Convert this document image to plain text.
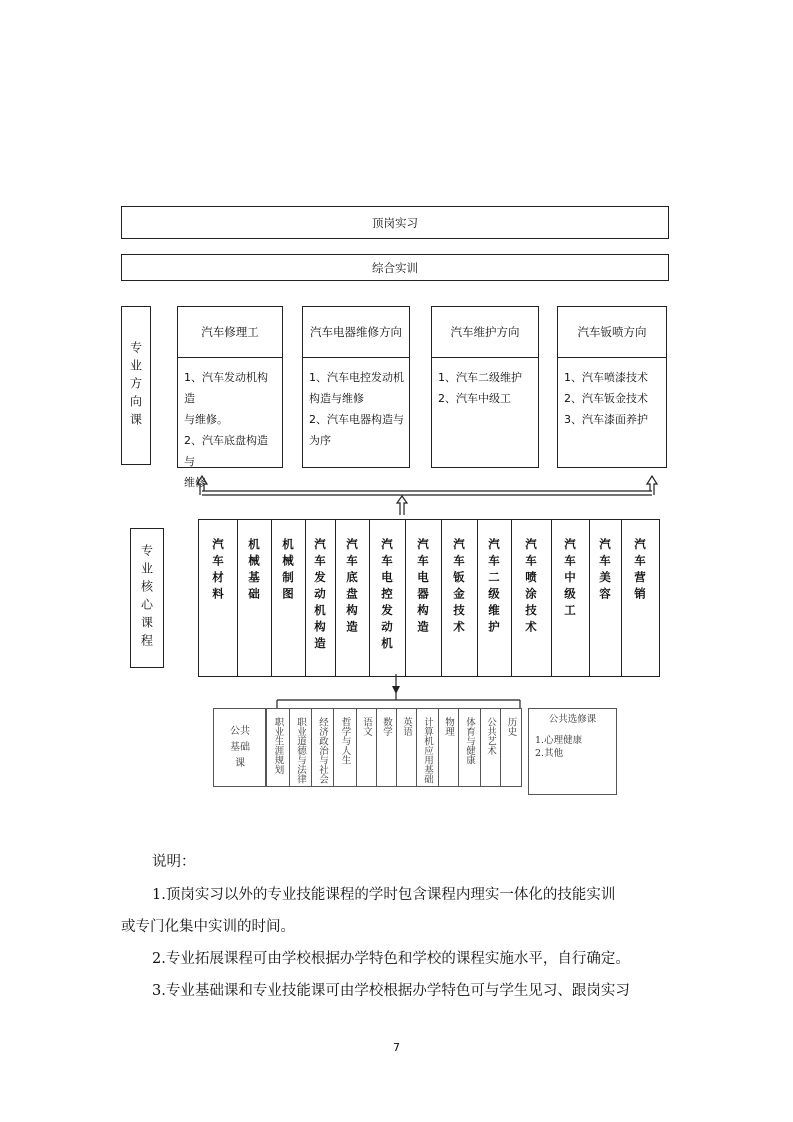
顶岗实习
综合实训
专业方向课
汽车修理工
1、汽车发动机构造
与维修。
2、汽车底盘构造与
维修
汽车电器维修方向
1、汽车电控发动机
构造与维修
2、汽车电器构造与
为序
汽车维护方向
1、汽车二级维护
2、汽车中级工
汽车钣喷方向
1、汽车喷漆技术
2、汽车钣金技术
3、汽车漆面养护
专业核心课程	汽车材料 机械基础 机械制图 汽车发动机构造 汽车底盘构造 汽车电控发动机 汽车电器构造 汽车钣金技术 汽车二级维护 汽车喷涂技术 汽车中级工 汽车美容 汽车营销
公共基础课	职业生涯规划 职业道德与法律 经济政治与社会 哲学与人生 语文 数学 英语 计算机应用基础 物理 体育与健康 公共艺术 历史	公共选修课
1.心理健康
2.其他
说明：
1.顶岗实习以外的专业技能课程的学时包含课程内理实一体化的技能实训
或专门化集中实训的时间。
2.专业拓展课程可由学校根据办学特色和学校的课程实施水平，自行确定。
3.专业基础课和专业技能课可由学校根据办学特色可与学生见习、跟岗实习
7
